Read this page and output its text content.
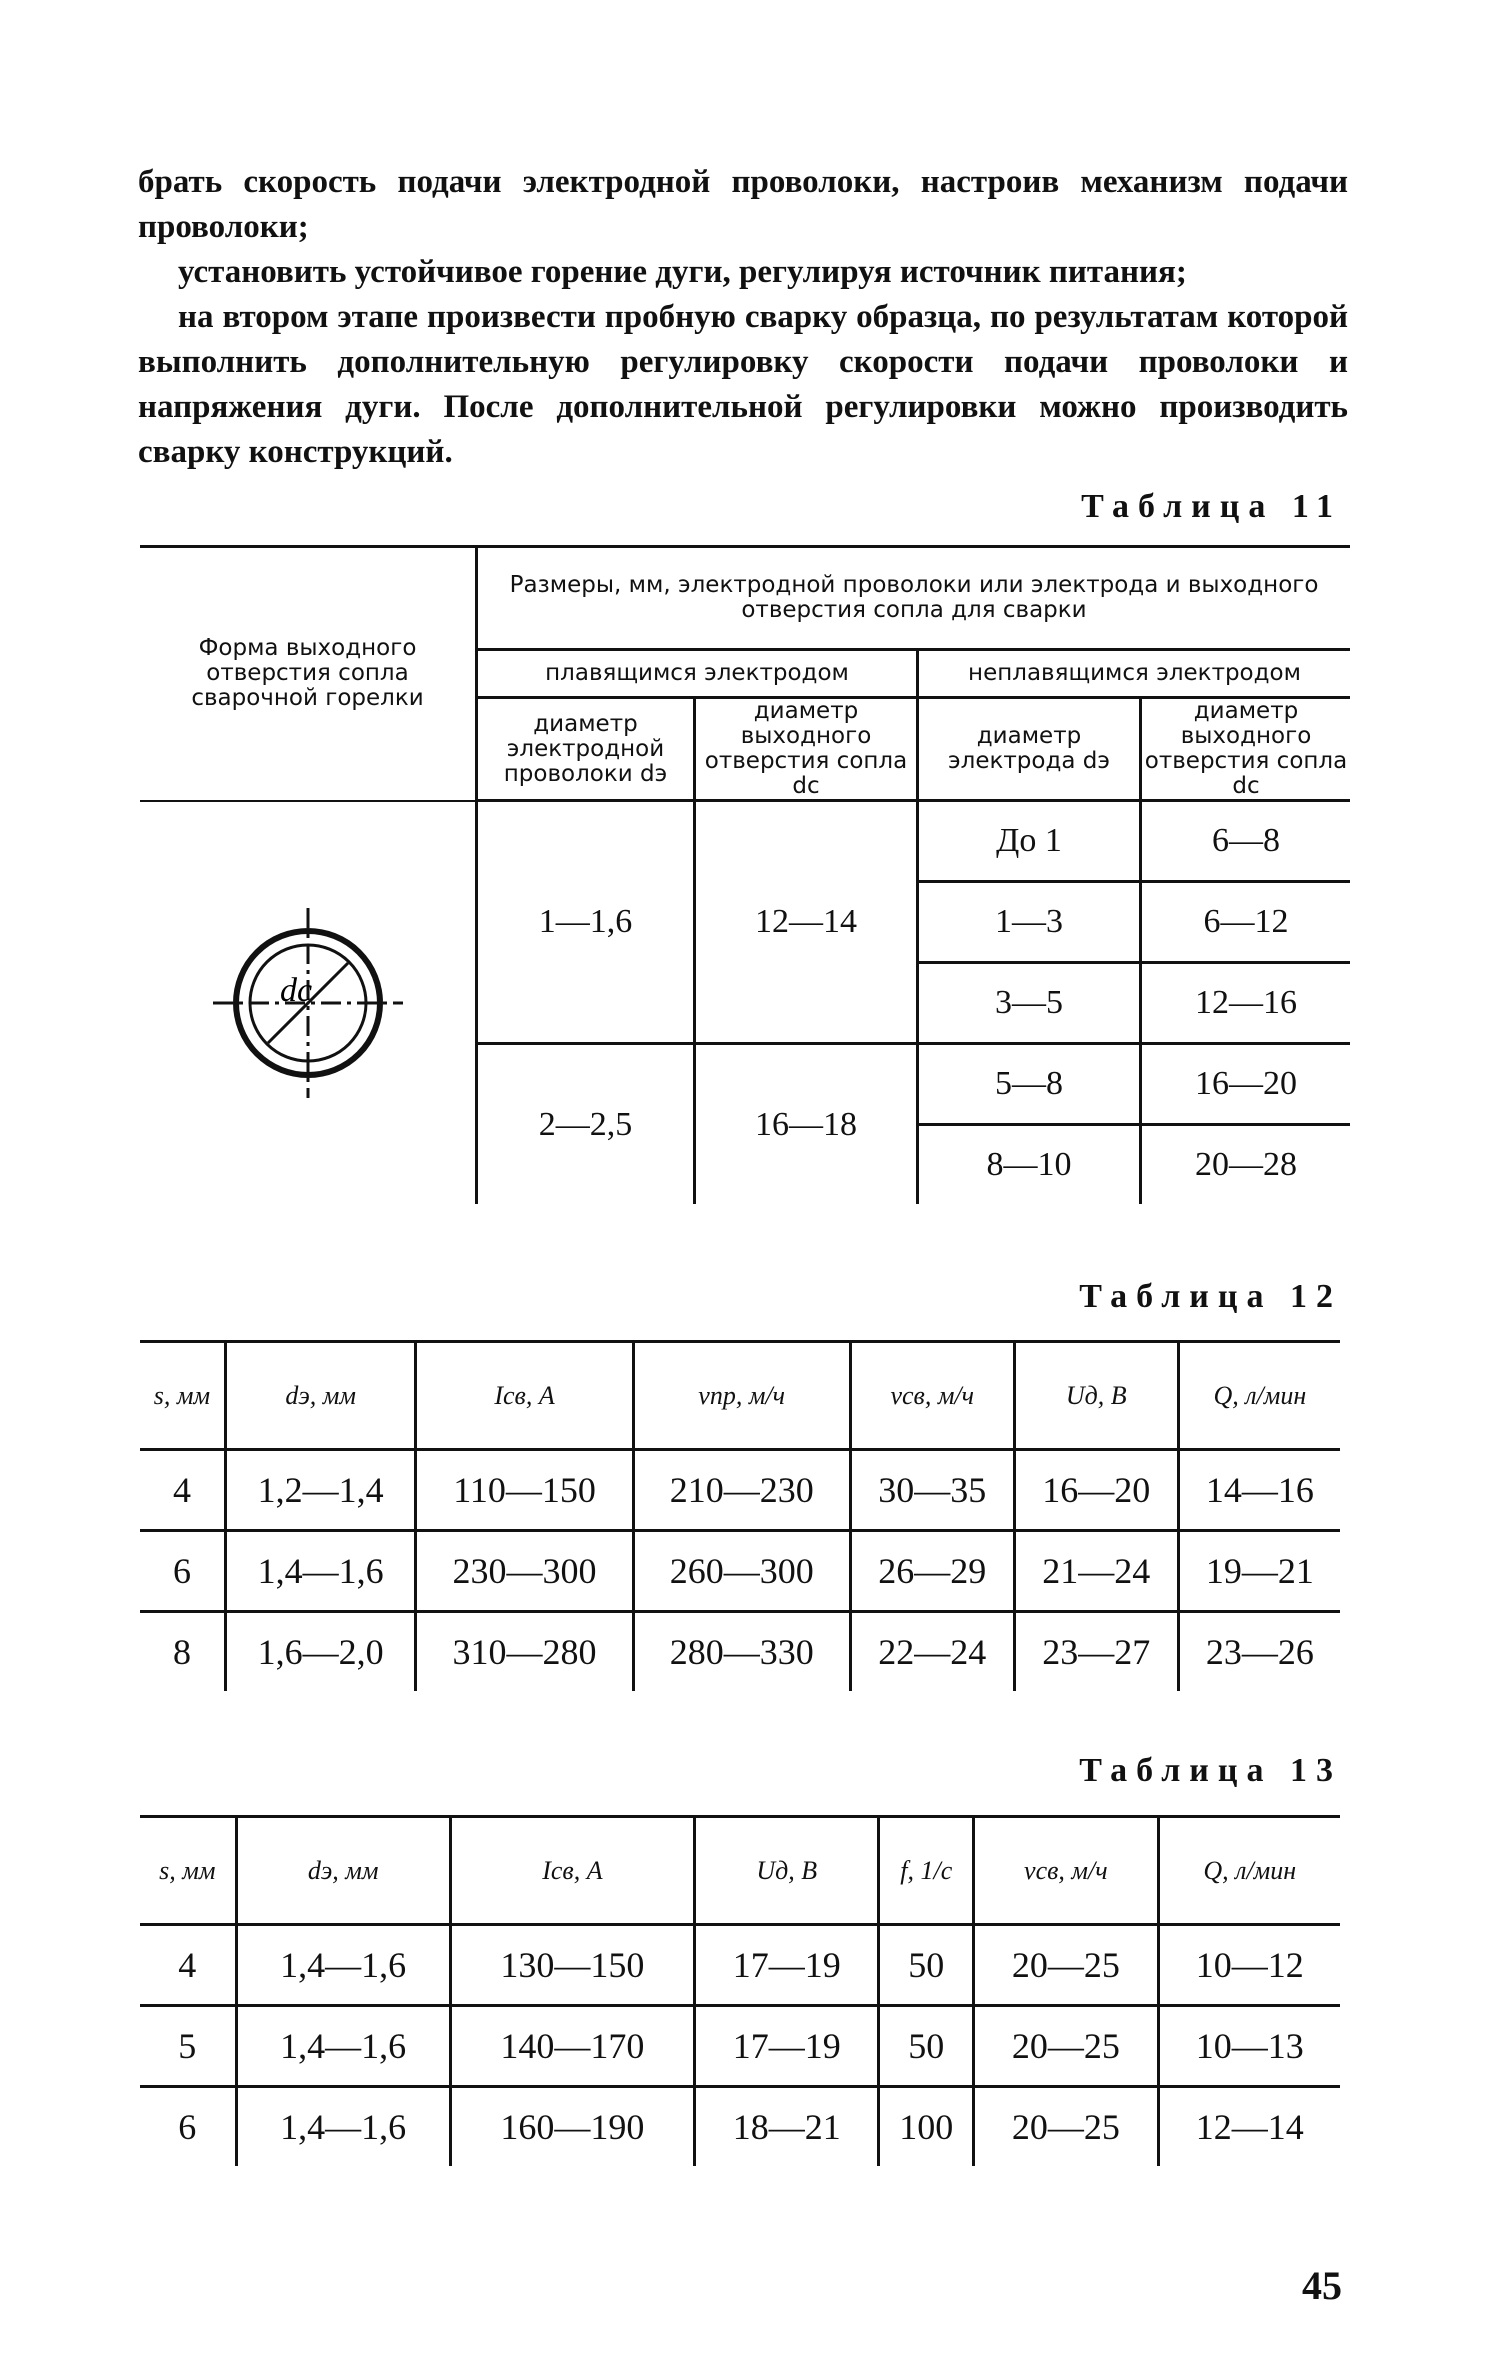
брать скорость подачи электродной проволоки, настроив механизм подачи проволоки;
установить устойчивое горение дуги, регулируя источник питания;
на втором этапе произвести пробную сварку образца, по результатам которой выполнить дополнительную регулировку скорости подачи проволоки и напряжения дуги. После дополнительной регулировки можно производить сварку конструкций.
Таблица 11
Форма выходного отверстия сопла сварочной горелки	Размеры, мм, электродной проволоки или электрода и выходного отверстия сопла для сварки			
	плавящимся электродом		неплавящимся электродом	
	диаметр электродной проволоки dэ	диаметр выходного отверстия сопла dс	диаметр электрода dэ	диаметр выходного отверстия сопла dс

dc	1—1,6	12—14	До 1	6—8
			1—3	6—12
			3—5	12—16
	2—2,5	16—18	5—8	16—20
			8—10	20—28
Таблица 12
s, мм	dэ, мм	Iсв, А	vпр, м/ч	vсв, м/ч	Uд, В	Q, л/мин
4	1,2—1,4	110—150	210—230	30—35	16—20	14—16
6	1,4—1,6	230—300	260—300	26—29	21—24	19—21
8	1,6—2,0	310—280	280—330	22—24	23—27	23—26
Таблица 13
s, мм	dэ, мм	Iсв, А	Uд, В	f, 1/с	vсв, м/ч	Q, л/мин
4	1,4—1,6	130—150	17—19	50	20—25	10—12
5	1,4—1,6	140—170	17—19	50	20—25	10—13
6	1,4—1,6	160—190	18—21	100	20—25	12—14
45
